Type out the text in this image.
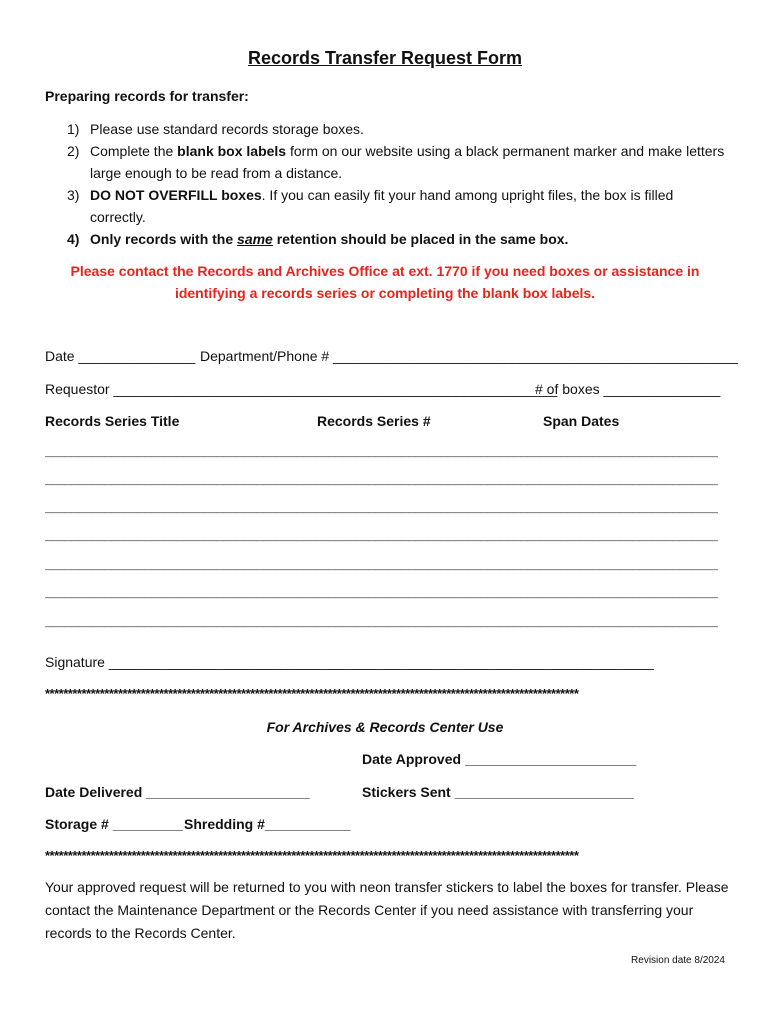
Records Transfer Request Form
Preparing records for transfer:
1) Please use standard records storage boxes.
2) Complete the blank box labels form on our website using a black permanent marker and make letters large enough to be read from a distance.
3) DO NOT OVERFILL boxes. If you can easily fit your hand among upright files, the box is filled correctly.
4) Only records with the same retention should be placed in the same box.
Please contact the Records and Archives Office at ext. 1770 if you need boxes or assistance in identifying a records series or completing the blank box labels.
Date _______________ Department/Phone # ____________________________________________________
Requestor _________________________________________________________
# of boxes _______________
Records Series Title	Records Series #	Span Dates
______________________________________________________________________________________________________
______________________________________________________________________________________________________
______________________________________________________________________________________________________
______________________________________________________________________________________________________
______________________________________________________________________________________________________
______________________________________________________________________________________________________
______________________________________________________________________________________________________
Signature ______________________________________________________________________
*********************************************************************************************************************
For Archives & Records Center Use
Date Approved ______________________
Date Delivered _____________________	Stickers Sent _______________________
Storage # _________ Shredding #___________
*********************************************************************************************************************
Your approved request will be returned to you with neon transfer stickers to label the boxes for transfer. Please contact the Maintenance Department or the Records Center if you need assistance with transferring your records to the Records Center.
Revision date 8/2024
